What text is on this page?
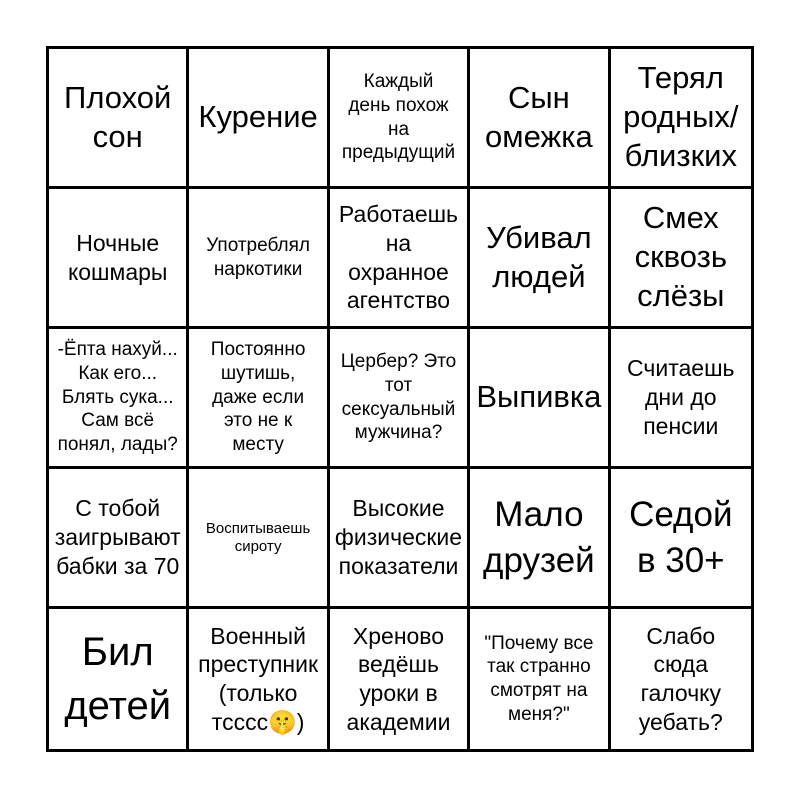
Плохой
сон
Курение
Каждый
день похож
на
предыдущий
Сын
омежка
Терял
родных/
близких
Ночные
кошмары
Употреблял
наркотики
Работаешь
на
охранное
агентство
Убивал
людей
Смех
сквозь
слёзы
-Ёпта нахуй...
Как его...
Блять сука...
Сам всё
понял, лады?
Постоянно
шутишь,
даже если
это не к
месту
Цербер? Это
тот
сексуальный
мужчина?
Выпивка
Считаешь
дни до
пенсии
С тобой
заигрывают
бабки за 70
Воспитываешь
сироту
Высокие
физические
показатели
Мало
друзей
Седой
в 30+
Бил
детей
Военный
преступник
(только
тсссс🤫)
Хреново
ведёшь
уроки в
академии
"Почему все
так странно
смотрят на
меня?"
Слабо
сюда
галочку
уебать?
